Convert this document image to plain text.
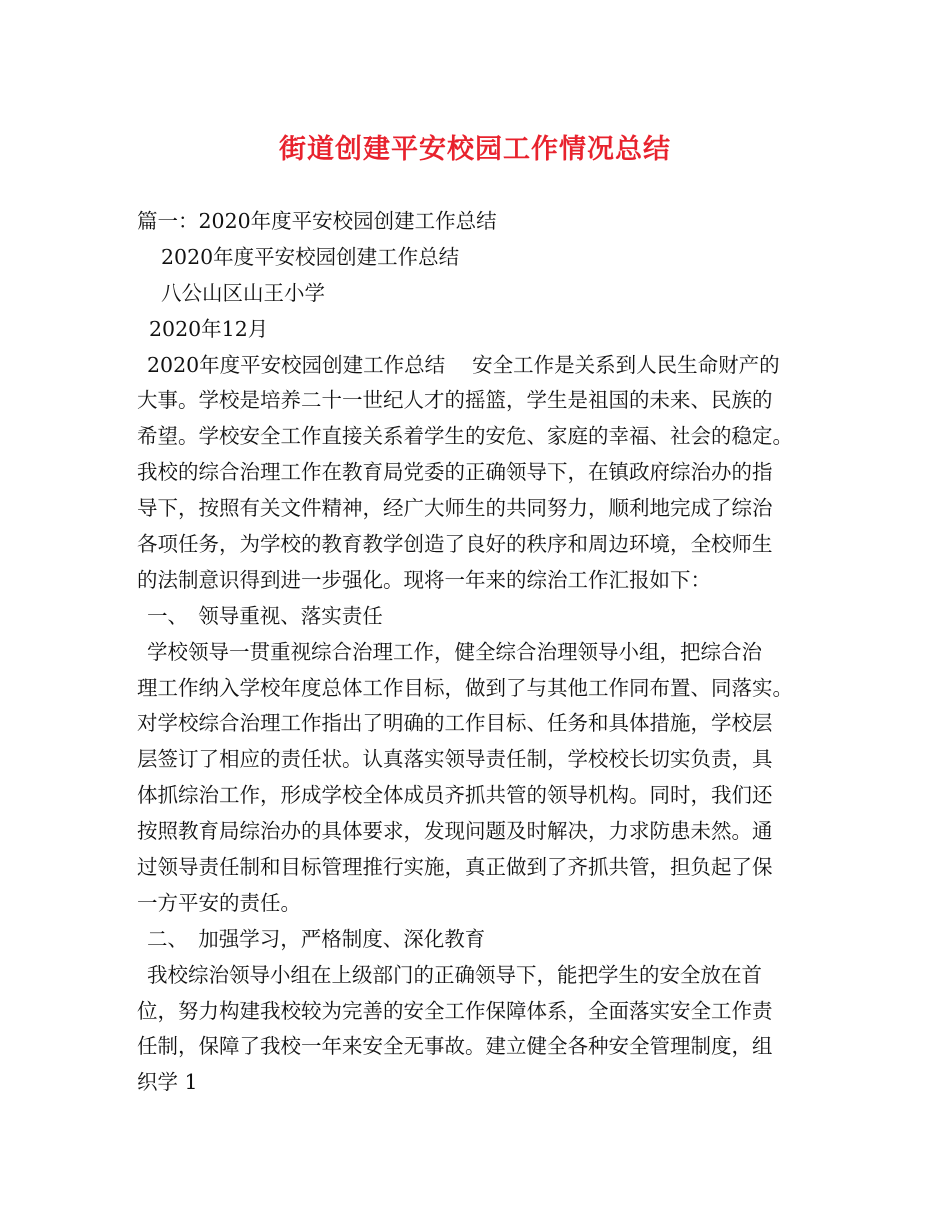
街道创建平安校园工作情况总结

篇一：2020年度平安校园创建工作总结

2020年度平安校园创建工作总结

八公山区山王小学

2020年12月

2020年度平安校园创建工作总结　 安全工作是关系到人民生命财产的

大事。学校是培养二十一世纪人才的摇篮，学生是祖国的未来、民族的

希望。学校安全工作直接关系着学生的安危、家庭的幸福、社会的稳定。

我校的综合治理工作在教育局党委的正确领导下，在镇政府综治办的指

导下，按照有关文件精神，经广大师生的共同努力，顺利地完成了综治

各项任务，为学校的教育教学创造了良好的秩序和周边环境，全校师生

的法制意识得到进一步强化。现将一年来的综治工作汇报如下：

一、　领导重视、落实责任

学校领导一贯重视综合治理工作，健全综合治理领导小组，把综合治

理工作纳入学校年度总体工作目标，做到了与其他工作同布置、同落实。

对学校综合治理工作指出了明确的工作目标、任务和具体措施，学校层

层签订了相应的责任状。认真落实领导责任制，学校校长切实负责，具

体抓综治工作，形成学校全体成员齐抓共管的领导机构。同时，我们还

按照教育局综治办的具体要求，发现问题及时解决，力求防患未然。通

过领导责任制和目标管理推行实施，真正做到了齐抓共管，担负起了保

一方平安的责任。

二、　加强学习，严格制度、深化教育

我校综治领导小组在上级部门的正确领导下，能把学生的安全放在首

位，努力构建我校较为完善的安全工作保障体系，全面落实安全工作责

任制，保障了我校一年来安全无事故。建立健全各种安全管理制度，组

织学 1
